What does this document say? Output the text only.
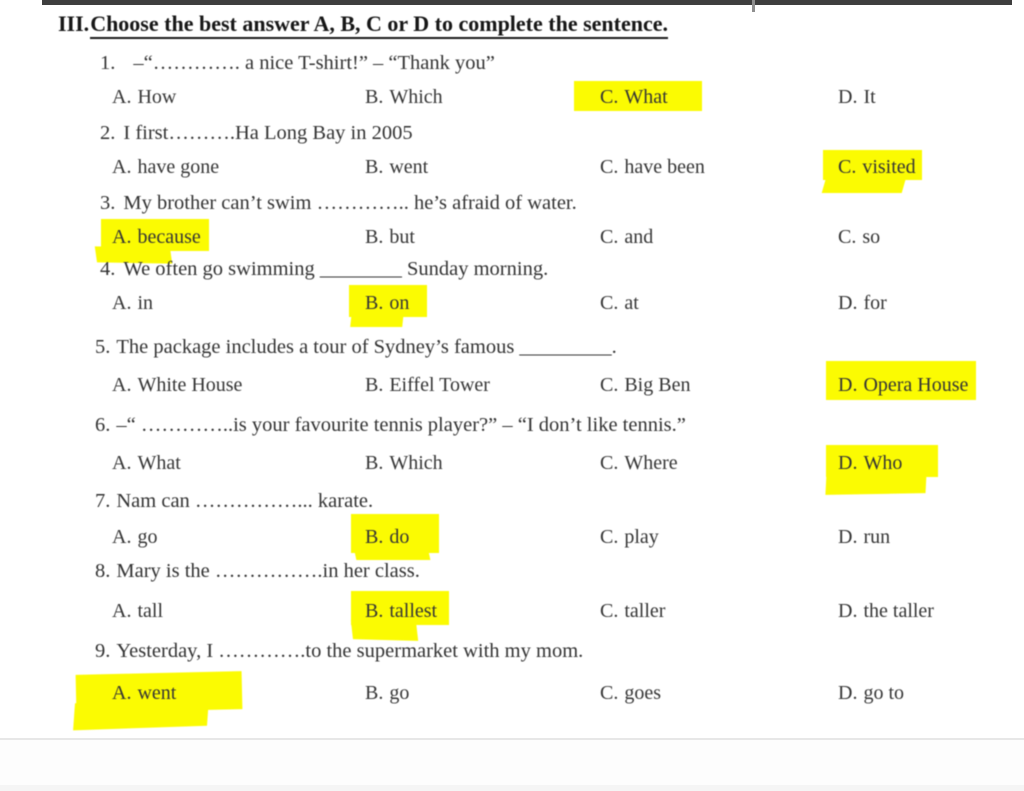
III.Choose the best answer A, B, C or D to complete the sentence.
1. –“…………. a nice T-shirt!” – “Thank you”
A. How	B. Which	C. What	D. It
2. I first……….Ha Long Bay in 2005
A. have gone	B. went	C. have been	C. visited
3. My brother can’t swim ………….. he’s afraid of water.
A. because	B. but	C. and	C. so
4. We often go swimming ________ Sunday morning.
A. in	B. on	C. at	D. for
5. The package includes a tour of Sydney’s famous _________.
A. White House	B. Eiffel Tower	C. Big Ben	D. Opera House
6. –“ …………..is your favourite tennis player?” – “I don’t like tennis.”
A. What	B. Which	C. Where	D. Who
7. Nam can ……………... karate.
A. go	B. do	C. play	D. run
8. Mary is the …………….in her class.
A. tall	B. tallest	C. taller	D. the taller
9. Yesterday, I ………….to the supermarket with my mom.
A. went	B. go	C. goes	D. go to
